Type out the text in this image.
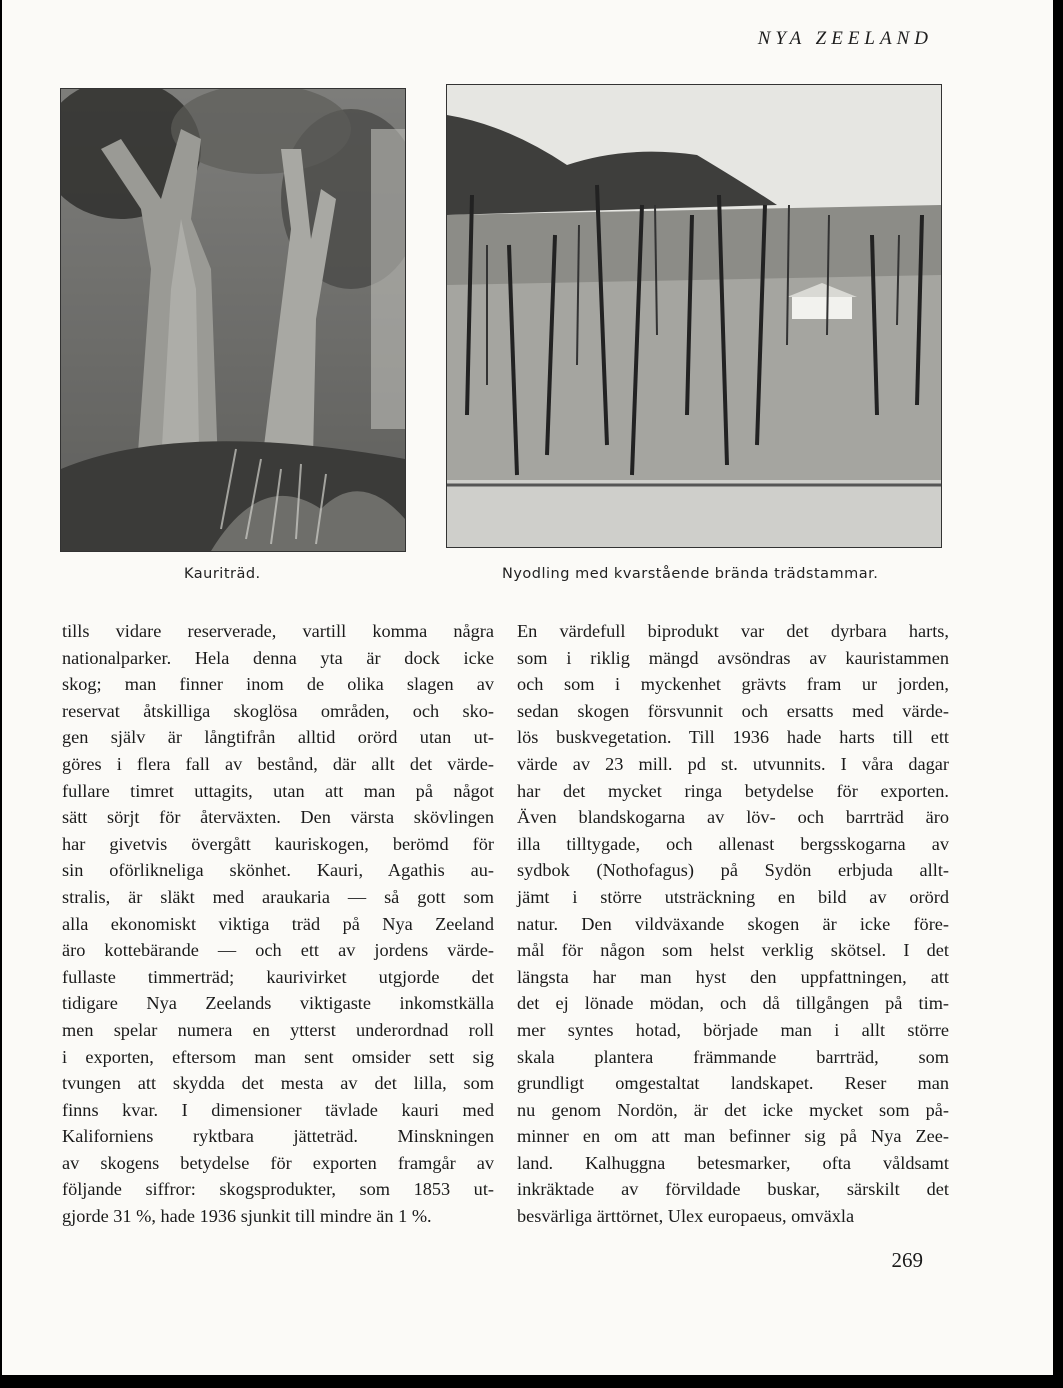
NYA ZEELAND
Kauriträd.	Nyodling med kvarstående brända trädstammar.
tills vidare reserverade, vartill komma några
nationalparker. Hela denna yta är dock icke
skog; man finner inom de olika slagen av
reservat åtskilliga skoglösa områden, och sko-
gen själv är långtifrån alltid orörd utan ut-
göres i flera fall av bestånd, där allt det värde-
fullare timret uttagits, utan att man på något
sätt sörjt för återväxten. Den värsta skövlingen
har givetvis övergått kauriskogen, berömd för
sin oförlikneliga skönhet. Kauri, Agathis au-
stralis, är släkt med araukaria — så gott som
alla ekonomiskt viktiga träd på Nya Zeeland
äro kottebärande — och ett av jordens värde-
fullaste timmerträd; kaurivirket utgjorde det
tidigare Nya Zeelands viktigaste inkomstkälla
men spelar numera en ytterst underordnad roll
i exporten, eftersom man sent omsider sett sig
tvungen att skydda det mesta av det lilla, som
finns kvar. I dimensioner tävlade kauri med
Kaliforniens ryktbara jätteträd. Minskningen
av skogens betydelse för exporten framgår av
följande siffror: skogsprodukter, som 1853 ut-
gjorde 31 %, hade 1936 sjunkit till mindre än 1 %.
En värdefull biprodukt var det dyrbara harts,
som i riklig mängd avsöndras av kauristammen
och som i myckenhet grävts fram ur jorden,
sedan skogen försvunnit och ersatts med värde-
lös buskvegetation. Till 1936 hade harts till ett
värde av 23 mill. pd st. utvunnits. I våra dagar
har det mycket ringa betydelse för exporten.
Även blandskogarna av löv- och barrträd äro
illa tilltygade, och allenast bergsskogarna av
sydbok (Nothofagus) på Sydön erbjuda allt-
jämt i större utsträckning en bild av orörd
natur. Den vildväxande skogen är icke före-
mål för någon som helst verklig skötsel. I det
längsta har man hyst den uppfattningen, att
det ej lönade mödan, och då tillgången på tim-
mer syntes hotad, började man i allt större
skala plantera främmande barrträd, som
grundligt omgestaltat landskapet. Reser man
nu genom Nordön, är det icke mycket som på-
minner en om att man befinner sig på Nya Zee-
land. Kalhuggna betesmarker, ofta våldsamt
inkräktade av förvildade buskar, särskilt det
besvärliga ärttörnet, Ulex europaeus, omväxla
269
